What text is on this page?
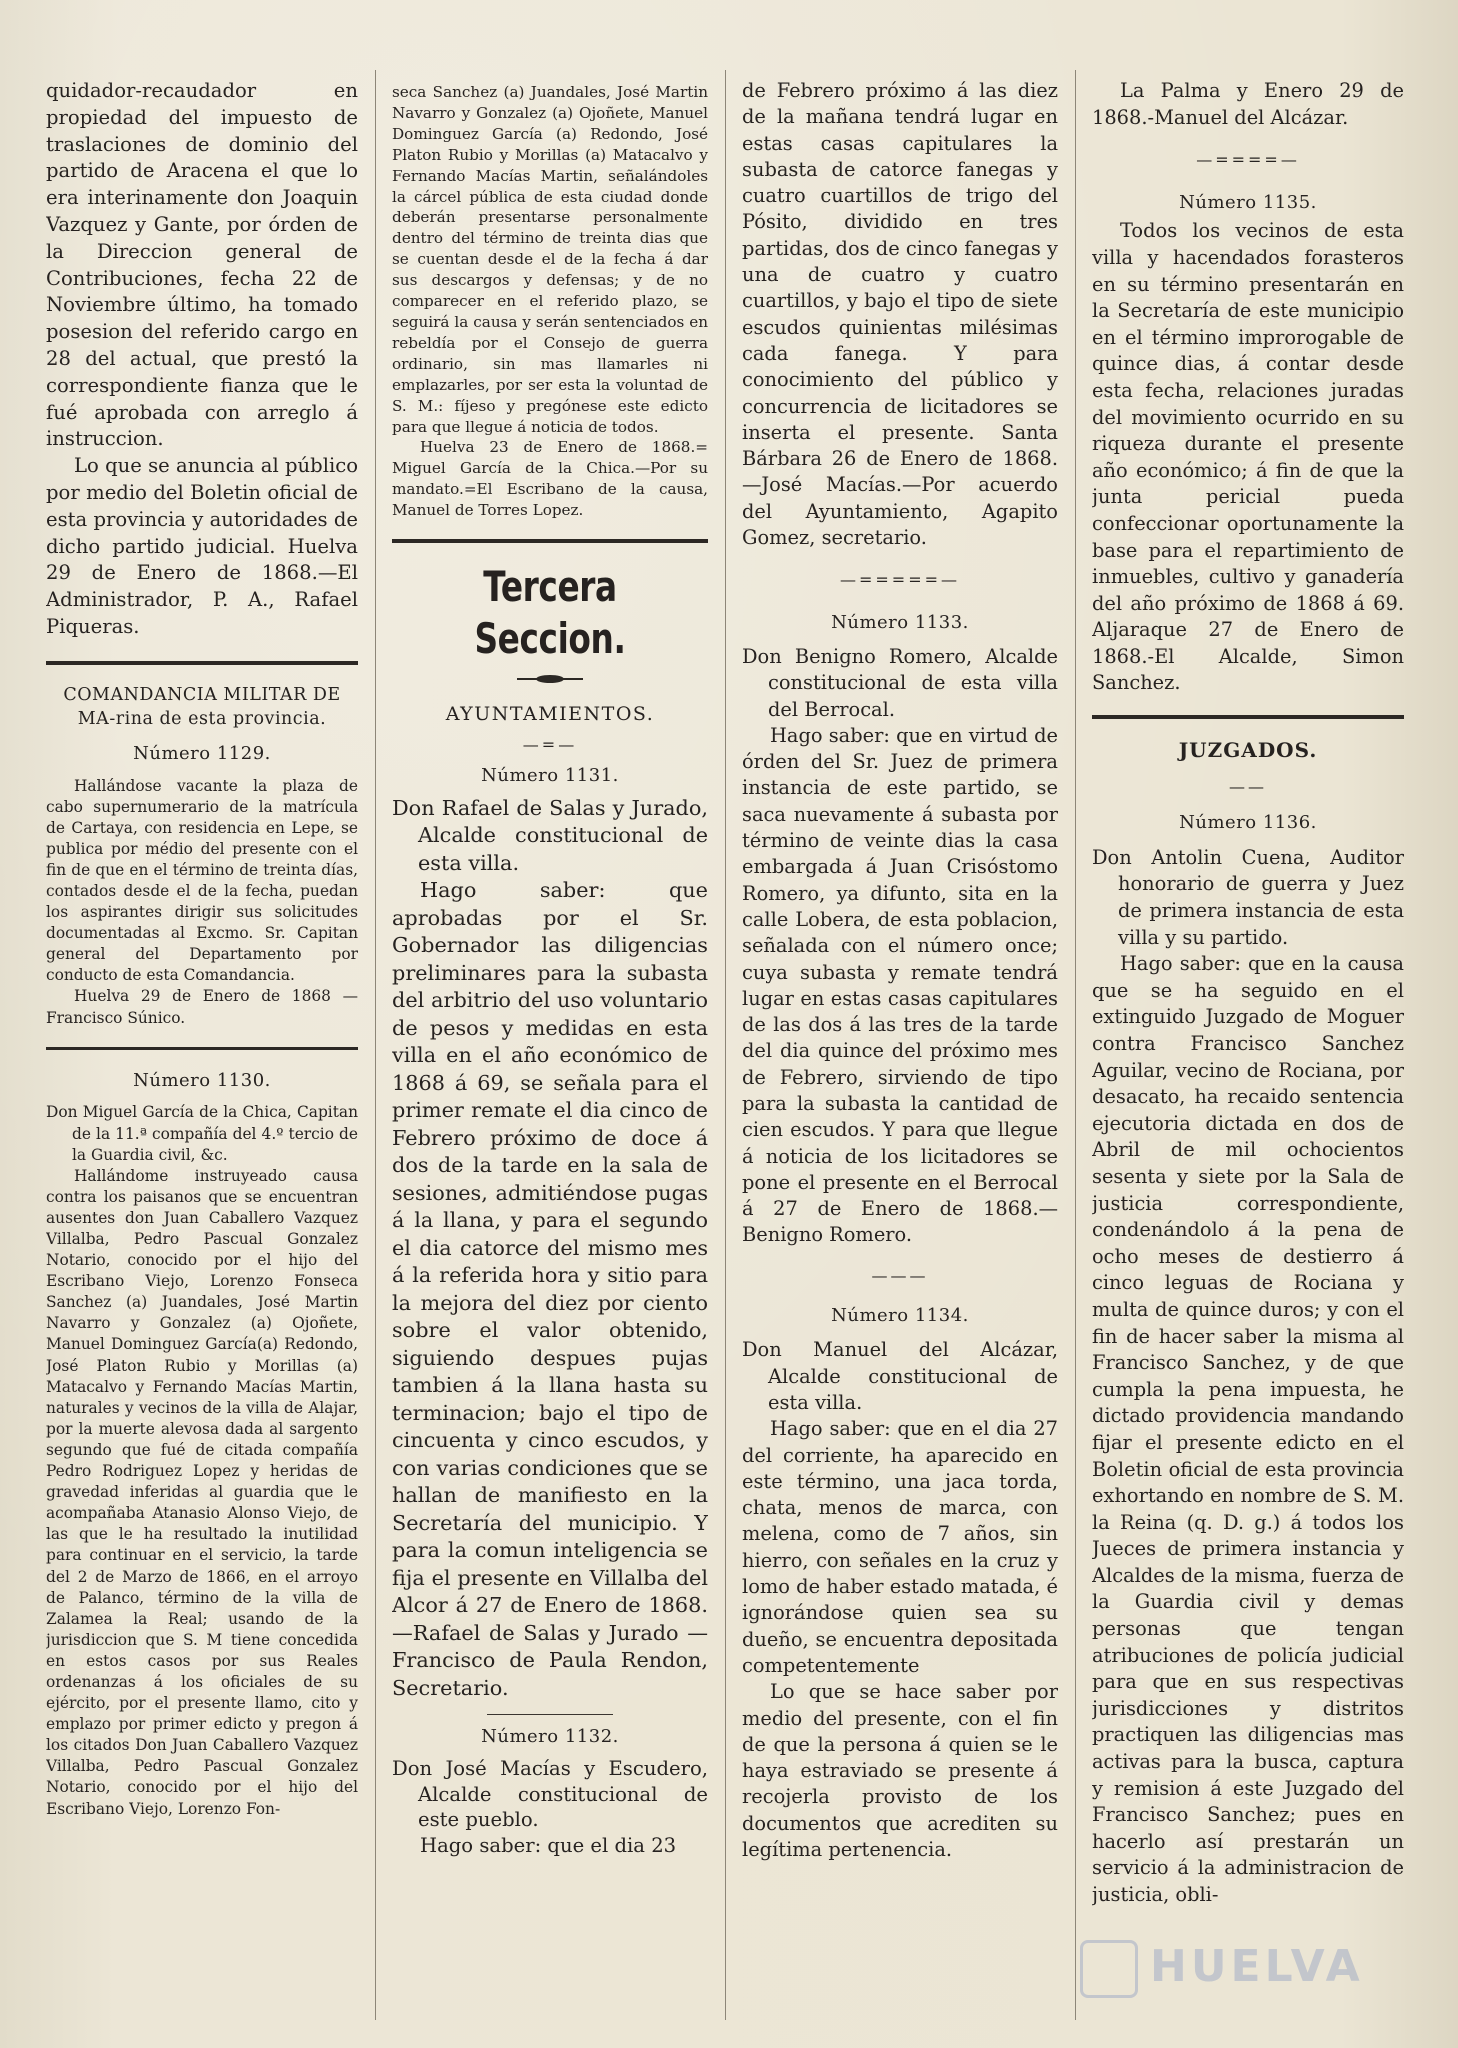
quidador-recaudador en propiedad del impuesto de traslaciones de dominio del partido de Aracena el que lo era interinamente don Joaquin Vazquez y Gante, por órden de la Direccion general de Contribuciones, fecha 22 de Noviembre último, ha tomado posesion del referido cargo en 28 del actual, que prestó la correspondiente fianza que le fué aprobada con arreglo á instruccion.

Lo que se anuncia al público por medio del Boletin oficial de esta provincia y autoridades de dicho partido judicial. Huelva 29 de Enero de 1868.—El Administrador, P. A., Rafael Piqueras.

COMANDANCIA MILITAR DE MA-rina de esta provincia.

Número 1129.

Hallándose vacante la plaza de cabo supernumerario de la matrícula de Cartaya, con residencia en Lepe, se publica por médio del presente con el fin de que en el término de treinta días, contados desde el de la fecha, puedan los aspirantes dirigir sus solicitudes documentadas al Excmo. Sr. Capitan general del Departamento por conducto de esta Comandancia.

Huelva 29 de Enero de 1868 — Francisco Súnico.

Número 1130.

Don Miguel García de la Chica, Capitan de la 11.ª compañía del 4.º tercio de la Guardia civil, &c.

Hallándome instruyeado causa contra los paisanos que se encuentran ausentes don Juan Caballero Vazquez Villalba, Pedro Pascual Gonzalez Notario, conocido por el hijo del Escribano Viejo, Lorenzo Fonseca Sanchez (a) Juandales, José Martin Navarro y Gonzalez (a) Ojoñete, Manuel Dominguez García(a) Redondo, José Platon Rubio y Morillas (a) Matacalvo y Fernando Macías Martin, naturales y vecinos de la villa de Alajar, por la muerte alevosa dada al sargento segundo que fué de citada compañía Pedro Rodriguez Lopez y heridas de gravedad inferidas al guardia que le acompañaba Atanasio Alonso Viejo, de las que le ha resultado la inutilidad para continuar en el servicio, la tarde del 2 de Marzo de 1866, en el arroyo de Palanco, término de la villa de Zalamea la Real; usando de la jurisdiccion que S. M tiene concedida en estos casos por sus Reales ordenanzas á los oficiales de su ejército, por el presente llamo, cito y emplazo por primer edicto y pregon á los citados Don Juan Caballero Vazquez Villalba, Pedro Pascual Gonzalez Notario, conocido por el hijo del Escribano Viejo, Lorenzo Fon-

seca Sanchez (a) Juandales, José Martin Navarro y Gonzalez (a) Ojoñete, Manuel Dominguez García (a) Redondo, José Platon Rubio y Morillas (a) Matacalvo y Fernando Macías Martin, señalándoles la cárcel pública de esta ciudad donde deberán presentarse personalmente dentro del término de treinta dias que se cuentan desde el de la fecha á dar sus descargos y defensas; y de no comparecer en el referido plazo, se seguirá la causa y serán sentenciados en rebeldía por el Consejo de guerra ordinario, sin mas llamarles ni emplazarles, por ser esta la voluntad de S. M.: fíjeso y pregónese este edicto para que llegue á noticia de todos.

Huelva 23 de Enero de 1868.= Miguel García de la Chica.—Por su mandato.=El Escribano de la causa, Manuel de Torres Lopez.

Tercera Seccion.

AYUNTAMIENTOS.

—=—

Número 1131.

Don Rafael de Salas y Jurado, Alcalde constitucional de esta villa.

Hago saber: que aprobadas por el Sr. Gobernador las diligencias preliminares para la subasta del arbitrio del uso voluntario de pesos y medidas en esta villa en el año económico de 1868 á 69, se señala para el primer remate el dia cinco de Febrero próximo de doce á dos de la tarde en la sala de sesiones, admitiéndose pugas á la llana, y para el segundo el dia catorce del mismo mes á la referida hora y sitio para la mejora del diez por ciento sobre el valor obtenido, siguiendo despues pujas tambien á la llana hasta su terminacion; bajo el tipo de cincuenta y cinco escudos, y con varias condiciones que se hallan de manifiesto en la Secretaría del municipio. Y para la comun inteligencia se fija el presente en Villalba del Alcor á 27 de Enero de 1868.—Rafael de Salas y Jurado —Francisco de Paula Rendon, Secretario.

Número 1132.

Don José Macías y Escudero, Alcalde constitucional de este pueblo.

Hago saber: que el dia 23

de Febrero próximo á las diez de la mañana tendrá lugar en estas casas capitulares la subasta de catorce fanegas y cuatro cuartillos de trigo del Pósito, dividido en tres partidas, dos de cinco fanegas y una de cuatro y cuatro cuartillos, y bajo el tipo de siete escudos quinientas milésimas cada fanega. Y para conocimiento del público y concurrencia de licitadores se inserta el presente. Santa Bárbara 26 de Enero de 1868.—José Macías.—Por acuerdo del Ayuntamiento, Agapito Gomez, secretario.

—=====—

Número 1133.

Don Benigno Romero, Alcalde constitucional de esta villa del Berrocal.

Hago saber: que en virtud de órden del Sr. Juez de primera instancia de este partido, se saca nuevamente á subasta por término de veinte dias la casa embargada á Juan Crisóstomo Romero, ya difunto, sita en la calle Lobera, de esta poblacion, señalada con el número once; cuya subasta y remate tendrá lugar en estas casas capitulares de las dos á las tres de la tarde del dia quince del próximo mes de Febrero, sirviendo de tipo para la subasta la cantidad de cien escudos. Y para que llegue á noticia de los licitadores se pone el presente en el Berrocal á 27 de Enero de 1868.—Benigno Romero.

———

Número 1134.

Don Manuel del Alcázar, Alcalde constitucional de esta villa.

Hago saber: que en el dia 27 del corriente, ha aparecido en este término, una jaca torda, chata, menos de marca, con melena, como de 7 años, sin hierro, con señales en la cruz y lomo de haber estado matada, é ignorándose quien sea su dueño, se encuentra depositada competentemente

Lo que se hace saber por medio del presente, con el fin de que la persona á quien se le haya estraviado se presente á recojerla provisto de los documentos que acrediten su legítima pertenencia.

La Palma y Enero 29 de 1868.-Manuel del Alcázar.

—====—

Número 1135.

Todos los vecinos de esta villa y hacendados forasteros en su término presentarán en la Secretaría de este municipio en el término improrogable de quince dias, á contar desde esta fecha, relaciones juradas del movimiento ocurrido en su riqueza durante el presente año económico; á fin de que la junta pericial pueda confeccionar oportunamente la base para el repartimiento de inmuebles, cultivo y ganadería del año próximo de 1868 á 69. Aljaraque 27 de Enero de 1868.-El Alcalde, Simon Sanchez.

JUZGADOS.

——

Número 1136.

Don Antolin Cuena, Auditor honorario de guerra y Juez de primera instancia de esta villa y su partido.

Hago saber: que en la causa que se ha seguido en el extinguido Juzgado de Moguer contra Francisco Sanchez Aguilar, vecino de Rociana, por desacato, ha recaido sentencia ejecutoria dictada en dos de Abril de mil ochocientos sesenta y siete por la Sala de justicia correspondiente, condenándolo á la pena de ocho meses de destierro á cinco leguas de Rociana y multa de quince duros; y con el fin de hacer saber la misma al Francisco Sanchez, y de que cumpla la pena impuesta, he dictado providencia mandando fijar el presente edicto en el Boletin oficial de esta provincia exhortando en nombre de S. M. la Reina (q. D. g.) á todos los Jueces de primera instancia y Alcaldes de la misma, fuerza de la Guardia civil y demas personas que tengan atribuciones de policía judicial para que en sus respectivas jurisdicciones y distritos practiquen las diligencias mas activas para la busca, captura y remision á este Juzgado del Francisco Sanchez; pues en hacerlo así prestarán un servicio á la administracion de justicia, obli-

HUELVA
